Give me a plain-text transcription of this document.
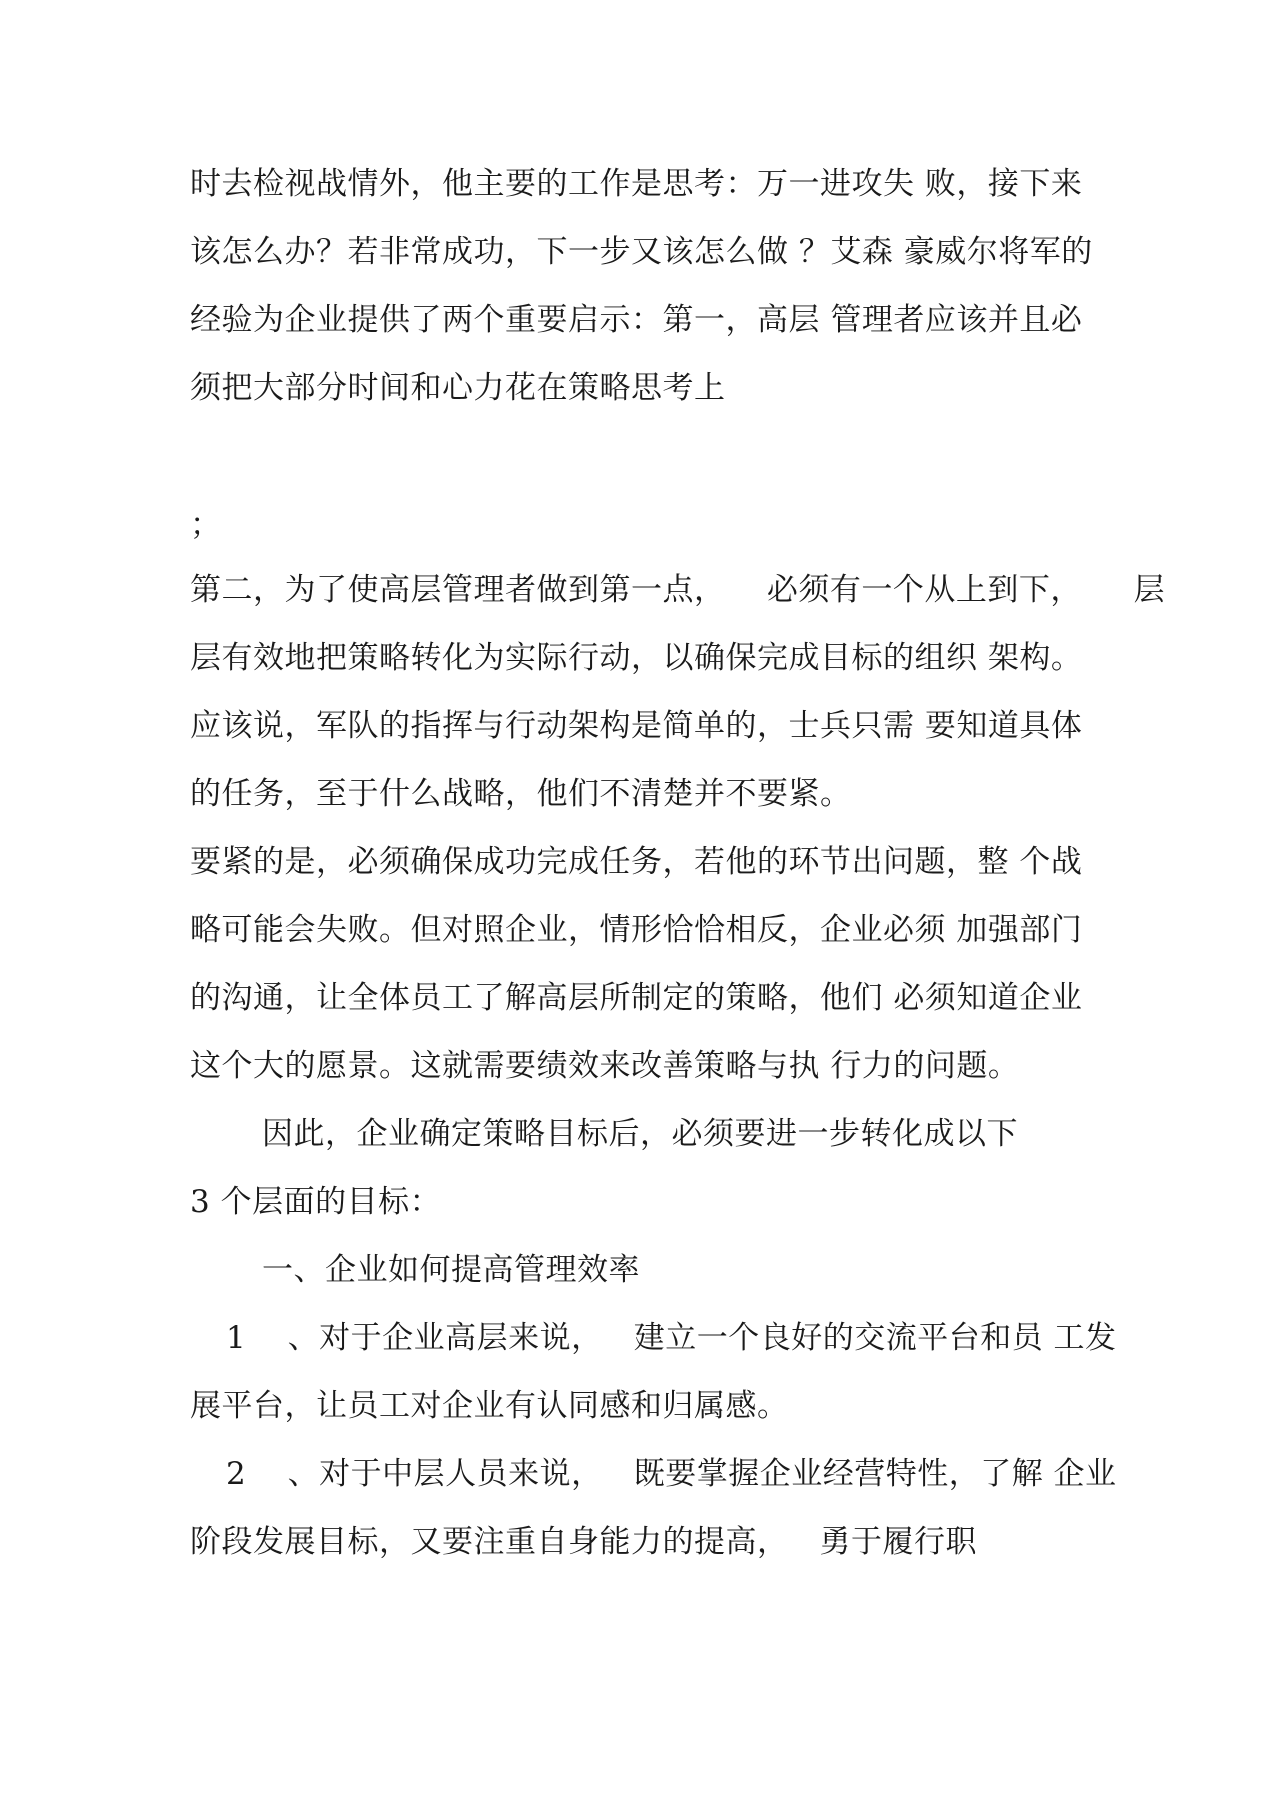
时去检视战情外，他主要的工作是思考：万一进攻失 败，接下来
该怎么办？若非常成功，下一步又该怎么做 ？艾森 豪威尔将军的
经验为企业提供了两个重要启示：第一，高层 管理者应该并且必
须把大部分时间和心力花在策略思考上
；
第二，为了使高层管理者做到第一点，    必须有一个从上到下，     层
层有效地把策略转化为实际行动，以确保完成目标的组织 架构。
应该说，军队的指挥与行动架构是简单的，士兵只需 要知道具体
的任务，至于什么战略，他们不清楚并不要紧。
要紧的是，必须确保成功完成任务，若他的环节出问题，整 个战
略可能会失败。但对照企业，情形恰恰相反，企业必须 加强部门
的沟通，让全体员工了解高层所制定的策略，他们 必须知道企业
这个大的愿景。这就需要绩效来改善策略与执 行力的问题。
因此，企业确定策略目标后，必须要进一步转化成以下
3 个层面的目标：
一、企业如何提高管理效率
1    、对于企业高层来说，   建立一个良好的交流平台和员 工发
展平台，让员工对企业有认同感和归属感。
2    、对于中层人员来说，   既要掌握企业经营特性，了解 企业
阶段发展目标，又要注重自身能力的提高，   勇于履行职
